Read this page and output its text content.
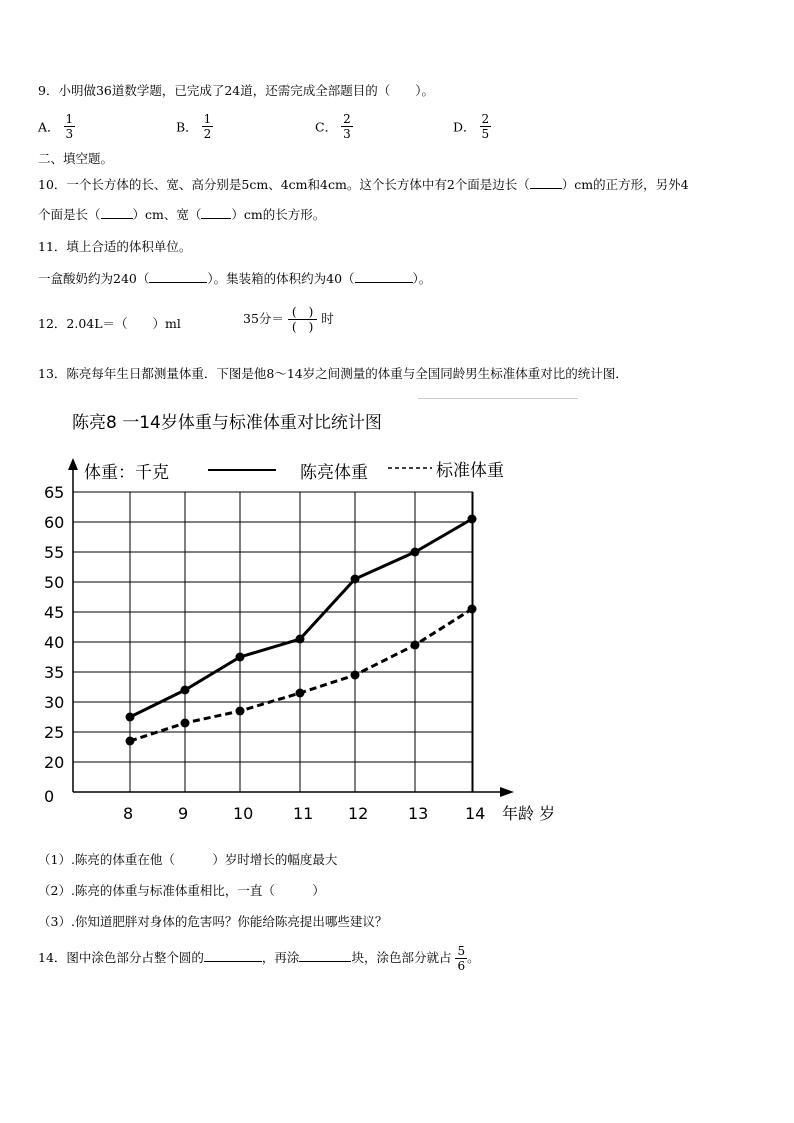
9．小明做36道数学题，已完成了24道，还需完成全部题目的（　　）。
A． $\frac{1}{3}$	B． $\frac{1}{2}$	C． $\frac{2}{3}$	D． $\frac{2}{5}$
二、填空题。
10．一个长方体的长、宽、高分别是5cm、4cm和4cm。这个长方体中有2个面是边长（	）cm的正方形，另外4
个面是长（	）cm、宽（ ）cm的长方形。
11．填上合适的体积单位。
一盒酸奶约为240（	）。集装箱的体积约为40（	）。
12．2.04L＝（　　）ml	35分＝ $\frac{( )}{( )}$ 时
13．陈亮每年生日都测量体重．下图是他8～14岁之间测量的体重与全国同龄男生标准体重对比的统计图．
陈亮8 一14岁体重与标准体重对比统计图
0
20
25
30
35
40
45
50
55
60
65
8	9	10 11 12 13 14
体重：千克	陈亮体重	标准体重
年龄 岁
（1）.陈亮的体重在他（　　　）岁时增长的幅度最大
（2）.陈亮的体重与标准体重相比，一直（　　　）
（3）.你知道肥胖对身体的危害吗？你能给陈亮提出哪些建议？
14．图中涂色部分占整个圆的	，再涂	块，涂色部分就占 $\frac{5}{6}$ 。
